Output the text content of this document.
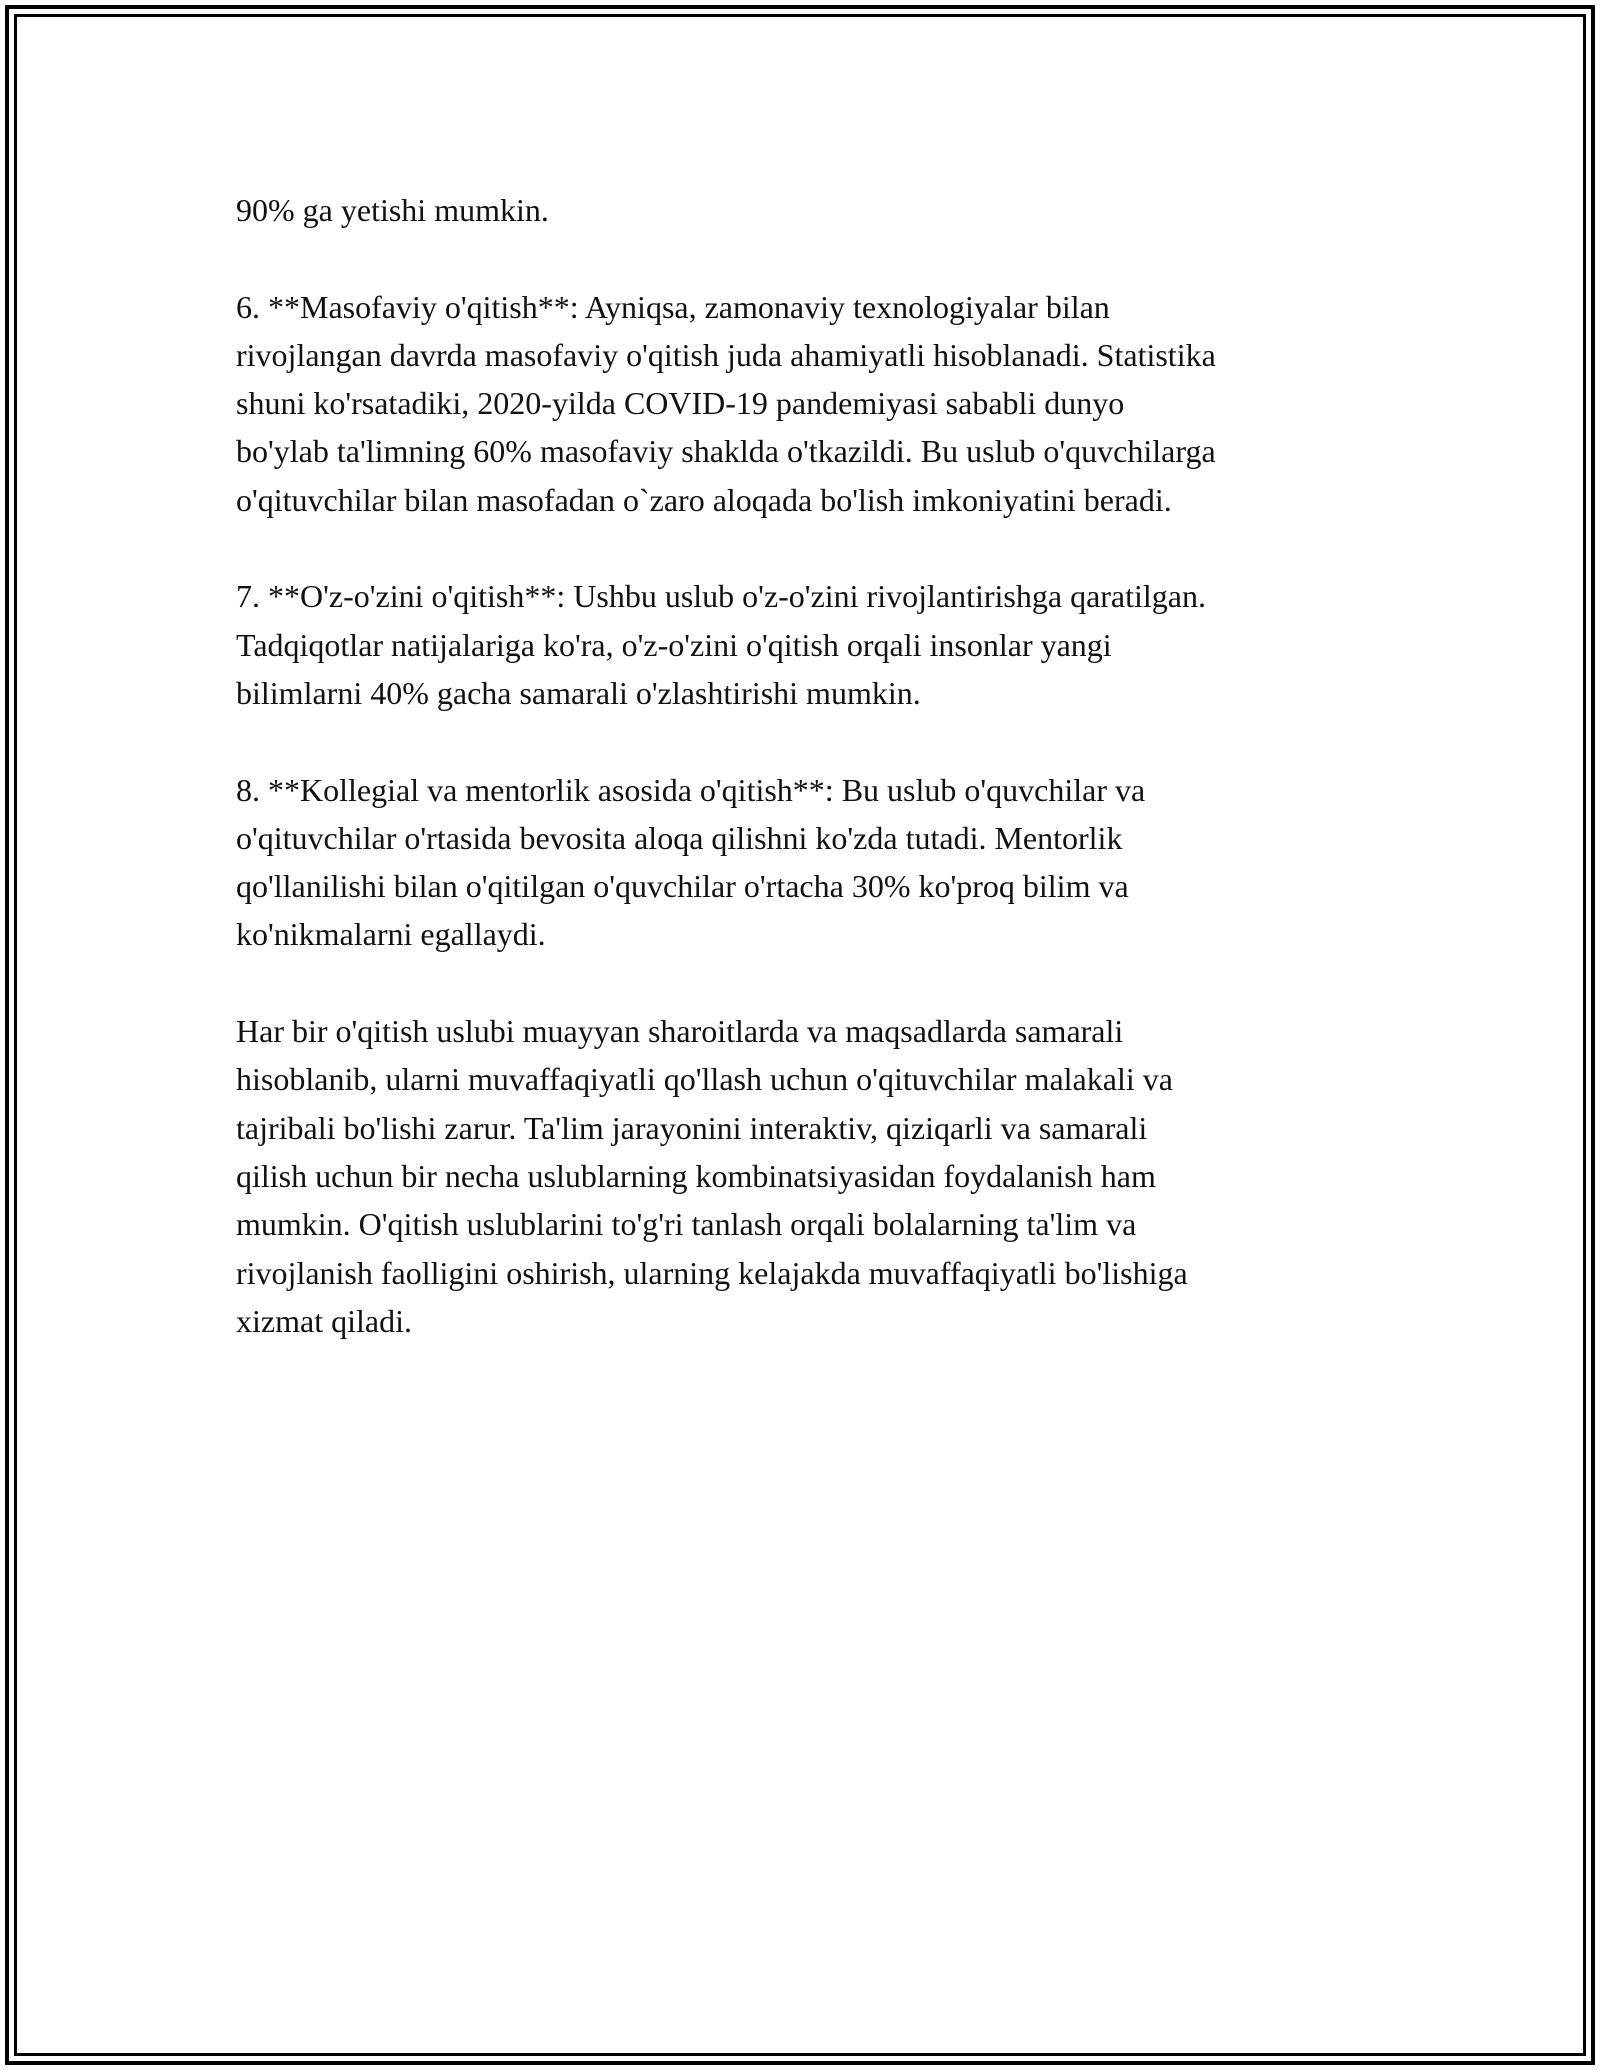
90% ga yetishi mumkin.
6. **Masofaviy o'qitish**: Ayniqsa, zamonaviy texnologiyalar bilan
rivojlangan davrda masofaviy o'qitish juda ahamiyatli hisoblanadi. Statistika
shuni ko'rsatadiki, 2020-yilda COVID-19 pandemiyasi sababli dunyo
bo'ylab ta'limning 60% masofaviy shaklda o'tkazildi. Bu uslub o'quvchilarga
o'qituvchilar bilan masofadan o`zaro aloqada bo'lish imkoniyatini beradi.
7. **O'z-o'zini o'qitish**: Ushbu uslub o'z-o'zini rivojlantirishga qaratilgan.
Tadqiqotlar natijalariga ko'ra, o'z-o'zini o'qitish orqali insonlar yangi
bilimlarni 40% gacha samarali o'zlashtirishi mumkin.
8. **Kollegial va mentorlik asosida o'qitish**: Bu uslub o'quvchilar va
o'qituvchilar o'rtasida bevosita aloqa qilishni ko'zda tutadi. Mentorlik
qo'llanilishi bilan o'qitilgan o'quvchilar o'rtacha 30% ko'proq bilim va
ko'nikmalarni egallaydi.
Har bir o'qitish uslubi muayyan sharoitlarda va maqsadlarda samarali
hisoblanib, ularni muvaffaqiyatli qo'llash uchun o'qituvchilar malakali va
tajribali bo'lishi zarur. Ta'lim jarayonini interaktiv, qiziqarli va samarali
qilish uchun bir necha uslublarning kombinatsiyasidan foydalanish ham
mumkin. O'qitish uslublarini to'g'ri tanlash orqali bolalarning ta'lim va
rivojlanish faolligini oshirish, ularning kelajakda muvaffaqiyatli bo'lishiga
xizmat qiladi.
